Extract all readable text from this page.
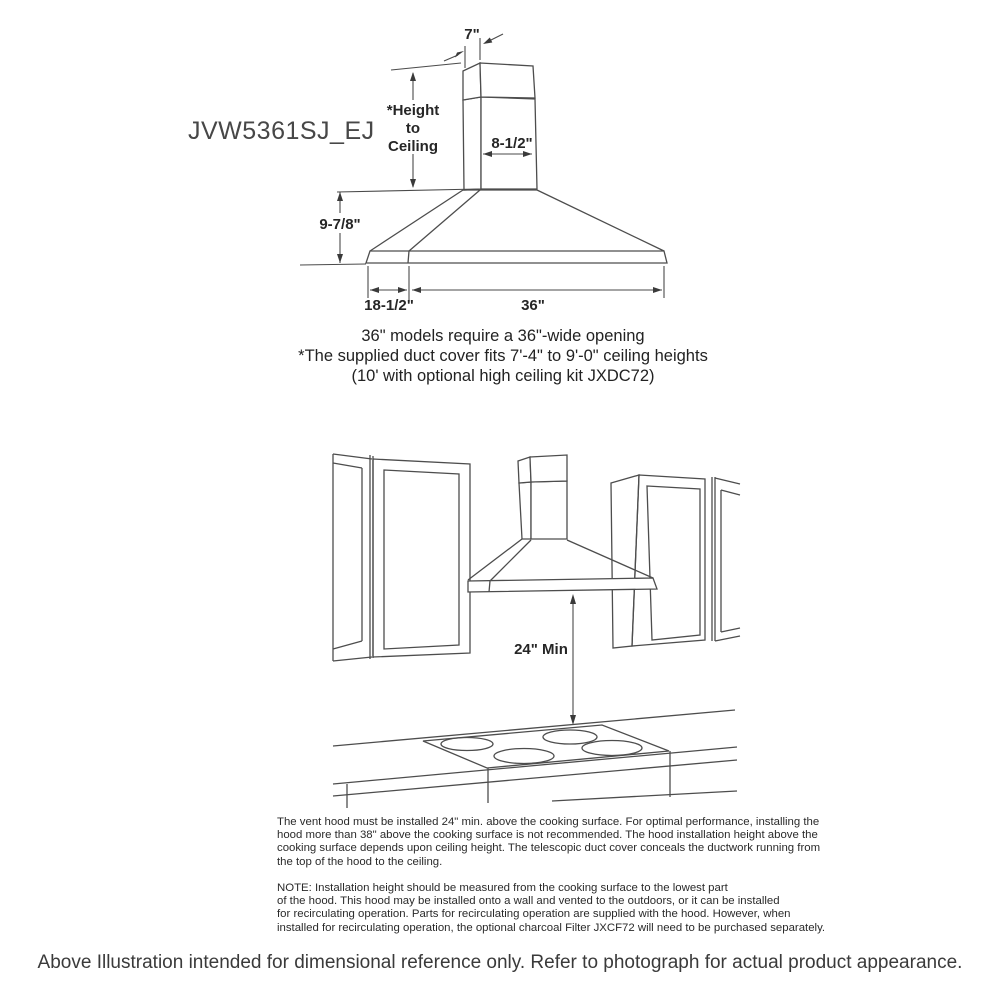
JVW5361SJ_EJ
7"
*Height
to
Ceiling	8-1/2"
9-7/8"
18-1/2"	36"
24" Min
36" models require a 36"-wide opening
*The supplied duct cover fits 7'-4" to 9'-0" ceiling heights
(10' with optional high ceiling kit JXDC72)
The vent hood must be installed 24" min. above the cooking surface. For optimal performance, installing the
hood more than 38" above the cooking surface is not recommended. The hood installation height above the
cooking surface depends upon ceiling height. The telescopic duct cover conceals the ductwork running from
the top of the hood to the ceiling.
NOTE: Installation height should be measured from the cooking surface to the lowest part
of the hood. This hood may be installed onto a wall and vented to the outdoors, or it can be installed
for recirculating operation. Parts for recirculating operation are supplied with the hood. However, when
installed for recirculating operation, the optional charcoal Filter JXCF72 will need to be purchased separately.
Above Illustration intended for dimensional reference only. Refer to photograph for actual product appearance.
